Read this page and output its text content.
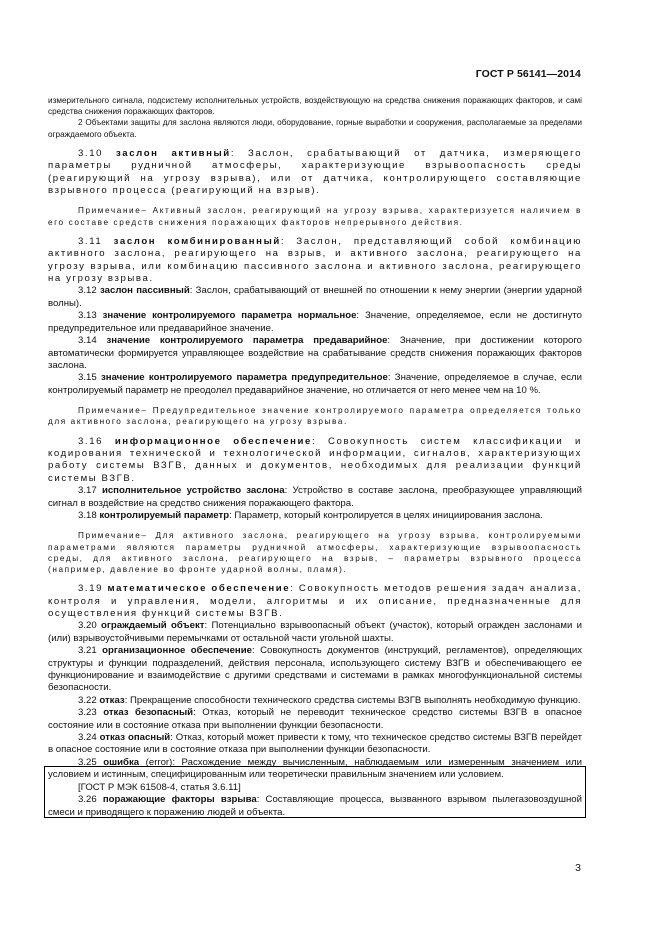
ГОСТ Р 56141—2014

измерительного сигнала, подсистему исполнительных устройств, воздействующую на средства снижения поражающих факторов, и самі средства снижения поражающих факторов.

2 Объектами защиты для заслона являются люди, оборудование, горные выработки и сооружения, располагаемые за пределами ограждаемого объекта.

3.10 заслон активный: Заслон, срабатывающий от датчика, измеряющего параметры рудничной атмосферы, характеризующие взрывоопасность среды (реагирующий на угрозу взрыва), или от датчика, контролирующего составляющие взрывного процесса (реагирующий на взрыв).

Примечание– Активный заслон, реагирующий на угрозу взрыва, характеризуется наличием в его составе средств снижения поражающих факторов непрерывного действия.

3.11 заслон комбинированный: Заслон, представляющий собой комбинацию активного заслона, реагирующего на взрыв, и активного заслона, реагирующего на угрозу взрыва, или комбинацию пассивного заслона и активного заслона, реагирующего на угрозу взрыва.

3.12 заслон пассивный: Заслон, срабатывающий от внешней по отношении к нему энергии (энергии ударной волны).

3.13 значение контролируемого параметра нормальное: Значение, определяемое, если не достигнуто предупредительное или предаварийное значение.

3.14 значение контролируемого параметра предаварийное: Значение, при достижении которого автоматически формируется управляющее воздействие на срабатывание средств снижения поражающих факторов заслона.

3.15 значение контролируемого параметра предупредительное: Значение, определяемое в случае, если контролируемый параметр не преодолел предаварийное значение, но отличается от него менее чем на 10 %.

Примечание– Предупредительное значение контролируемого параметра определяется только для активного заслона, реагирующего на угрозу взрыва.

3.16 информационное обеспечение: Совокупность систем классификации и кодирования технической и технологической информации, сигналов, характеризующих работу системы ВЗГВ, данных и документов, необходимых для реализации функций системы ВЗГВ.

3.17 исполнительное устройство заслона: Устройство в составе заслона, преобразующее управляющий сигнал в воздействие на средство снижения поражающего фактора.

3.18 контролируемый параметр: Параметр, который контролируется в целях инициирования заслона.

Примечание– Для активного заслона, реагирующего на угрозу взрыва, контролируемыми параметрами являются параметры рудничной атмосферы, характеризующие взрывоопасность среды, для активного заслона, реагирующего на взрыв, – параметры взрывного процесса (например, давление во фронте ударной волны, пламя).

3.19 математическое обеспечение: Совокупность методов решения задач анализа, контроля и управления, модели, алгоритмы и их описание, предназначенные для осуществления функций системы ВЗГВ.

3.20 ограждаемый объект: Потенциально взрывоопасный объект (участок), который огражден заслонами и (или) взрывоустойчивыми перемычками от остальной части угольной шахты.

3.21 организационное обеспечение: Совокупность документов (инструкций, регламентов), определяющих структуры и функции подразделений, действия персонала, использующего систему ВЗГВ и обеспечивающего ее функционирование и взаимодействие с другими средствами и системами в рамках многофункциональной системы безопасности.

3.22 отказ: Прекращение способности технического средства системы ВЗГВ выполнять необходимую функцию.

3.23 отказ безопасный: Отказ, который не переводит техническое средство системы ВЗГВ в опасное состояние или в состояние отказа при выполнении функции безопасности.

3.24 отказ опасный: Отказ, который может привести к тому, что техническое средство системы ВЗГВ перейдет в опасное состояние или в состояние отказа при выполнении функции безопасности.

3.25 ошибка (error): Расхождение между вычисленным, наблюдаемым или измеренным значением или условием и истинным, специфицированным или теоретически правильным значением или условием.

[ГОСТ Р МЭК 61508-4, статья 3.6.11]

3.26 поражающие факторы взрыва: Составляющие процесса, вызванного взрывом пылегазовоздушной смеси и приводящего к поражению людей и объекта.

3
